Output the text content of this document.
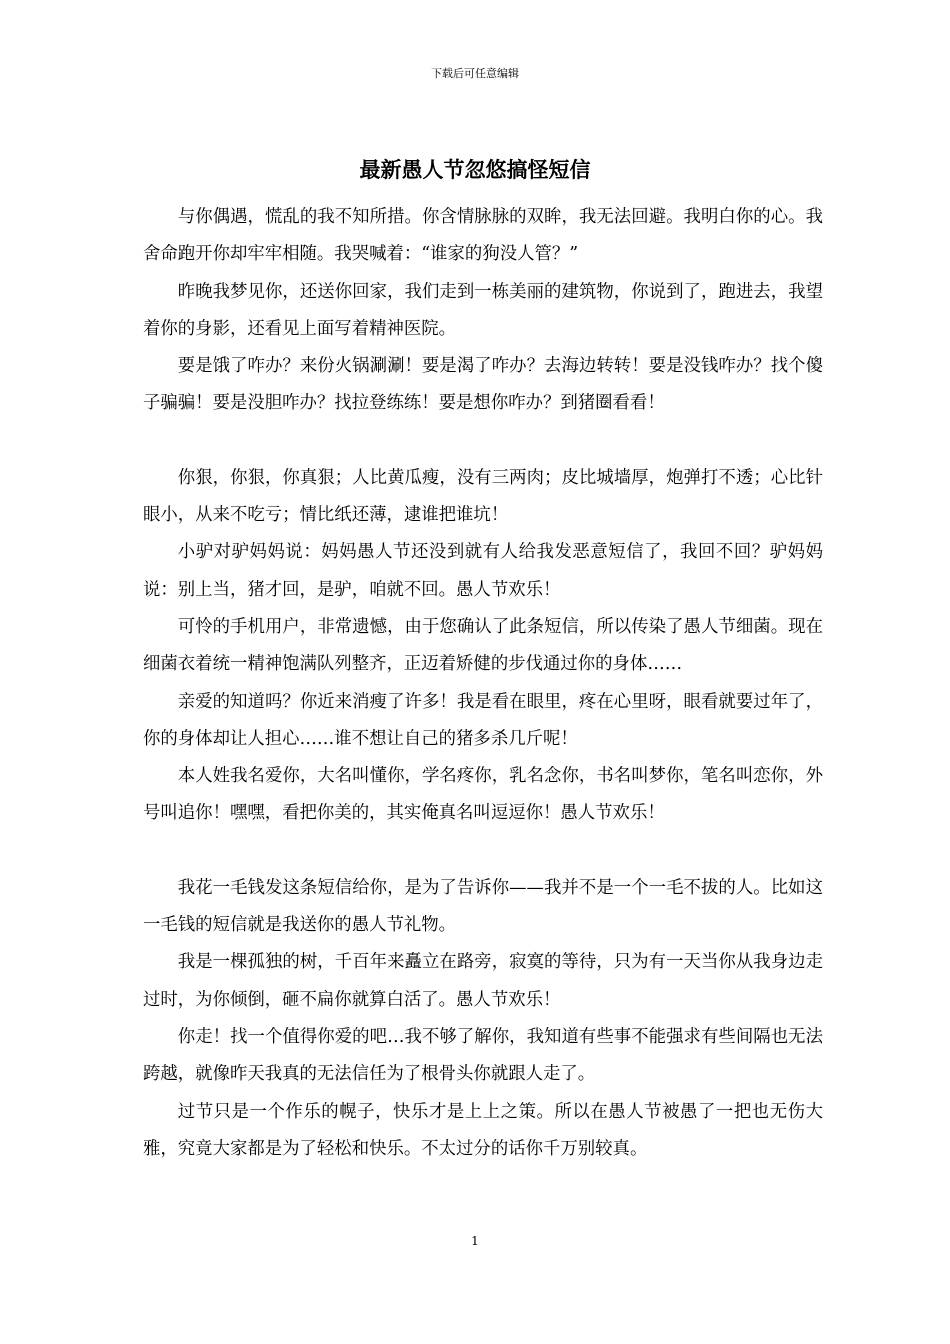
下载后可任意编辑
最新愚人节忽悠搞怪短信

与你偶遇，慌乱的我不知所措。你含情脉脉的双眸，我无法回避。我明白你的心。我舍命跑开你却牢牢相随。我哭喊着：“谁家的狗没人管？”

昨晚我梦见你，还送你回家，我们走到一栋美丽的建筑物，你说到了，跑进去，我望着你的身影，还看见上面写着精神医院。

要是饿了咋办？来份火锅涮涮！要是渴了咋办？去海边转转！要是没钱咋办？找个傻子骗骗！要是没胆咋办？找拉登练练！要是想你咋办？到猪圈看看！

你狠，你狠，你真狠；人比黄瓜瘦，没有三两肉；皮比城墙厚，炮弹打不透；心比针眼小，从来不吃亏；情比纸还薄，逮谁把谁坑！

小驴对驴妈妈说：妈妈愚人节还没到就有人给我发恶意短信了，我回不回？驴妈妈说：别上当，猪才回，是驴，咱就不回。愚人节欢乐！

可怜的手机用户，非常遗憾，由于您确认了此条短信，所以传染了愚人节细菌。现在细菌衣着统一精神饱满队列整齐，正迈着矫健的步伐通过你的身体……

亲爱的知道吗？你近来消瘦了许多！我是看在眼里，疼在心里呀，眼看就要过年了，你的身体却让人担心……谁不想让自己的猪多杀几斤呢！

本人姓我名爱你，大名叫懂你，学名疼你，乳名念你，书名叫梦你，笔名叫恋你，外号叫追你！嘿嘿，看把你美的，其实俺真名叫逗逗你！愚人节欢乐！

我花一毛钱发这条短信给你，是为了告诉你——我并不是一个一毛不拔的人。比如这一毛钱的短信就是我送你的愚人节礼物。

我是一棵孤独的树，千百年来矗立在路旁，寂寞的等待，只为有一天当你从我身边走过时，为你倾倒，砸不扁你就算白活了。愚人节欢乐！

你走！找一个值得你爱的吧…我不够了解你，我知道有些事不能强求有些间隔也无法跨越，就像昨天我真的无法信任为了根骨头你就跟人走了。

过节只是一个作乐的幌子，快乐才是上上之策。所以在愚人节被愚了一把也无伤大雅，究竟大家都是为了轻松和快乐。不太过分的话你千万别较真。

1
